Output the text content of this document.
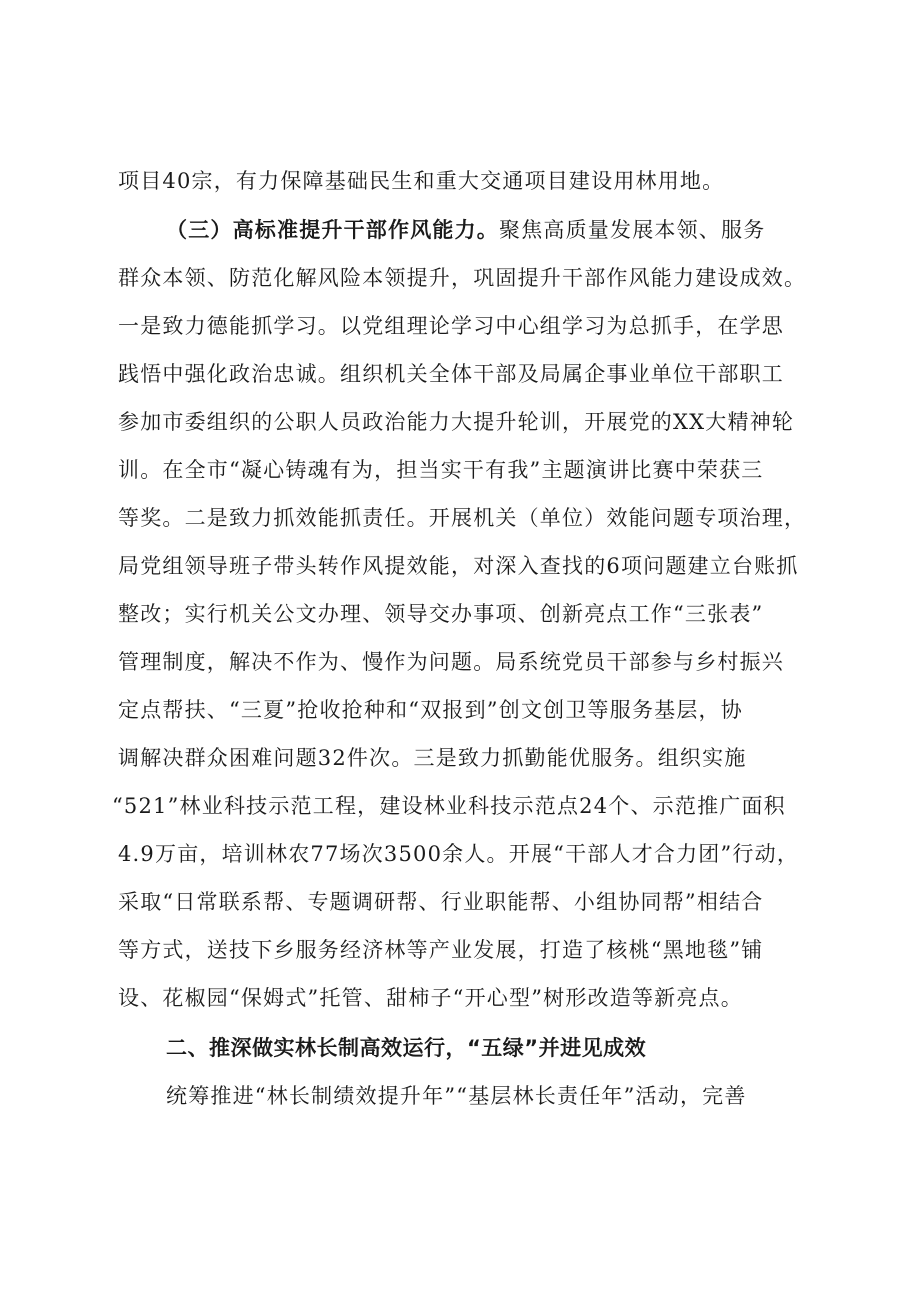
项目40宗，有力保障基础民生和重大交通项目建设用林用地。
（三）高标准提升干部作风能力。聚焦高质量发展本领、服务
群众本领、防范化解风险本领提升，巩固提升干部作风能力建设成效。
一是致力德能抓学习。以党组理论学习中心组学习为总抓手，在学思
践悟中强化政治忠诚。组织机关全体干部及局属企事业单位干部职工
参加市委组织的公职人员政治能力大提升轮训，开展党的XX大精神轮
训。在全市“凝心铸魂有为，担当实干有我”主题演讲比赛中荣获三
等奖。二是致力抓效能抓责任。开展机关（单位）效能问题专项治理，
局党组领导班子带头转作风提效能，对深入查找的6项问题建立台账抓
整改；实行机关公文办理、领导交办事项、创新亮点工作“三张表”
管理制度，解决不作为、慢作为问题。局系统党员干部参与乡村振兴
定点帮扶、“三夏”抢收抢种和“双报到”创文创卫等服务基层，协
调解决群众困难问题32件次。三是致力抓勤能优服务。组织实施
“521”林业科技示范工程，建设林业科技示范点24个、示范推广面积
4.9万亩，培训林农77场次3500余人。开展“干部人才合力团”行动，
采取“日常联系帮、专题调研帮、行业职能帮、小组协同帮”相结合
等方式，送技下乡服务经济林等产业发展，打造了核桃“黑地毯”铺
设、花椒园“保姆式”托管、甜柿子“开心型”树形改造等新亮点。
二、推深做实林长制高效运行，“五绿”并进见成效
统筹推进“林长制绩效提升年”“基层林长责任年”活动，完善
